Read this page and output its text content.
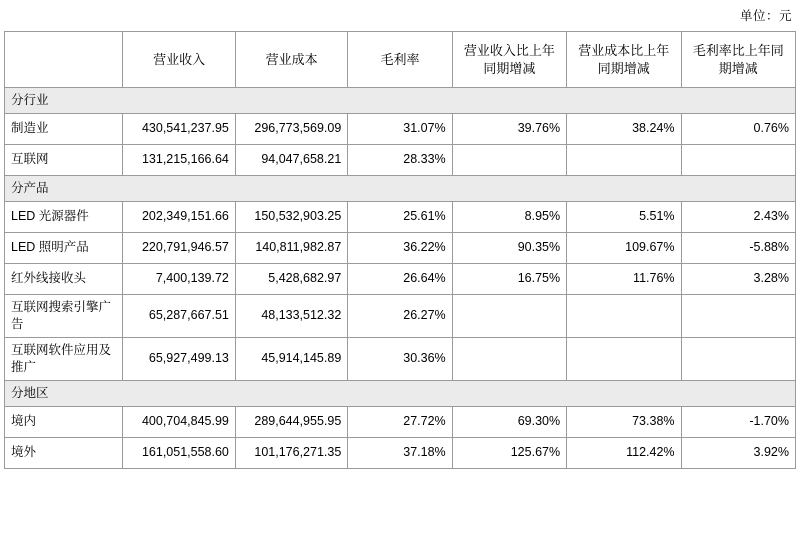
单位：元
	营业收入	营业成本	毛利率	营业收入比上年同期增减	营业成本比上年同期增减	毛利率比上年同期增减
分行业						
制造业	430,541,237.95	296,773,569.09	31.07%	39.76%	38.24%	0.76%
互联网	131,215,166.64	94,047,658.21	28.33%			
分产品						
LED 光源器件	202,349,151.66	150,532,903.25	25.61%	8.95%	5.51%	2.43%
LED 照明产品	220,791,946.57	140,811,982.87	36.22%	90.35%	109.67%	-5.88%
红外线接收头	7,400,139.72	5,428,682.97	26.64%	16.75%	11.76%	3.28%
互联网搜索引擎广告	65,287,667.51	48,133,512.32	26.27%			
互联网软件应用及推广	65,927,499.13	45,914,145.89	30.36%			
分地区						
境内	400,704,845.99	289,644,955.95	27.72%	69.30%	73.38%	-1.70%
境外	161,051,558.60	101,176,271.35	37.18%	125.67%	112.42%	3.92%
